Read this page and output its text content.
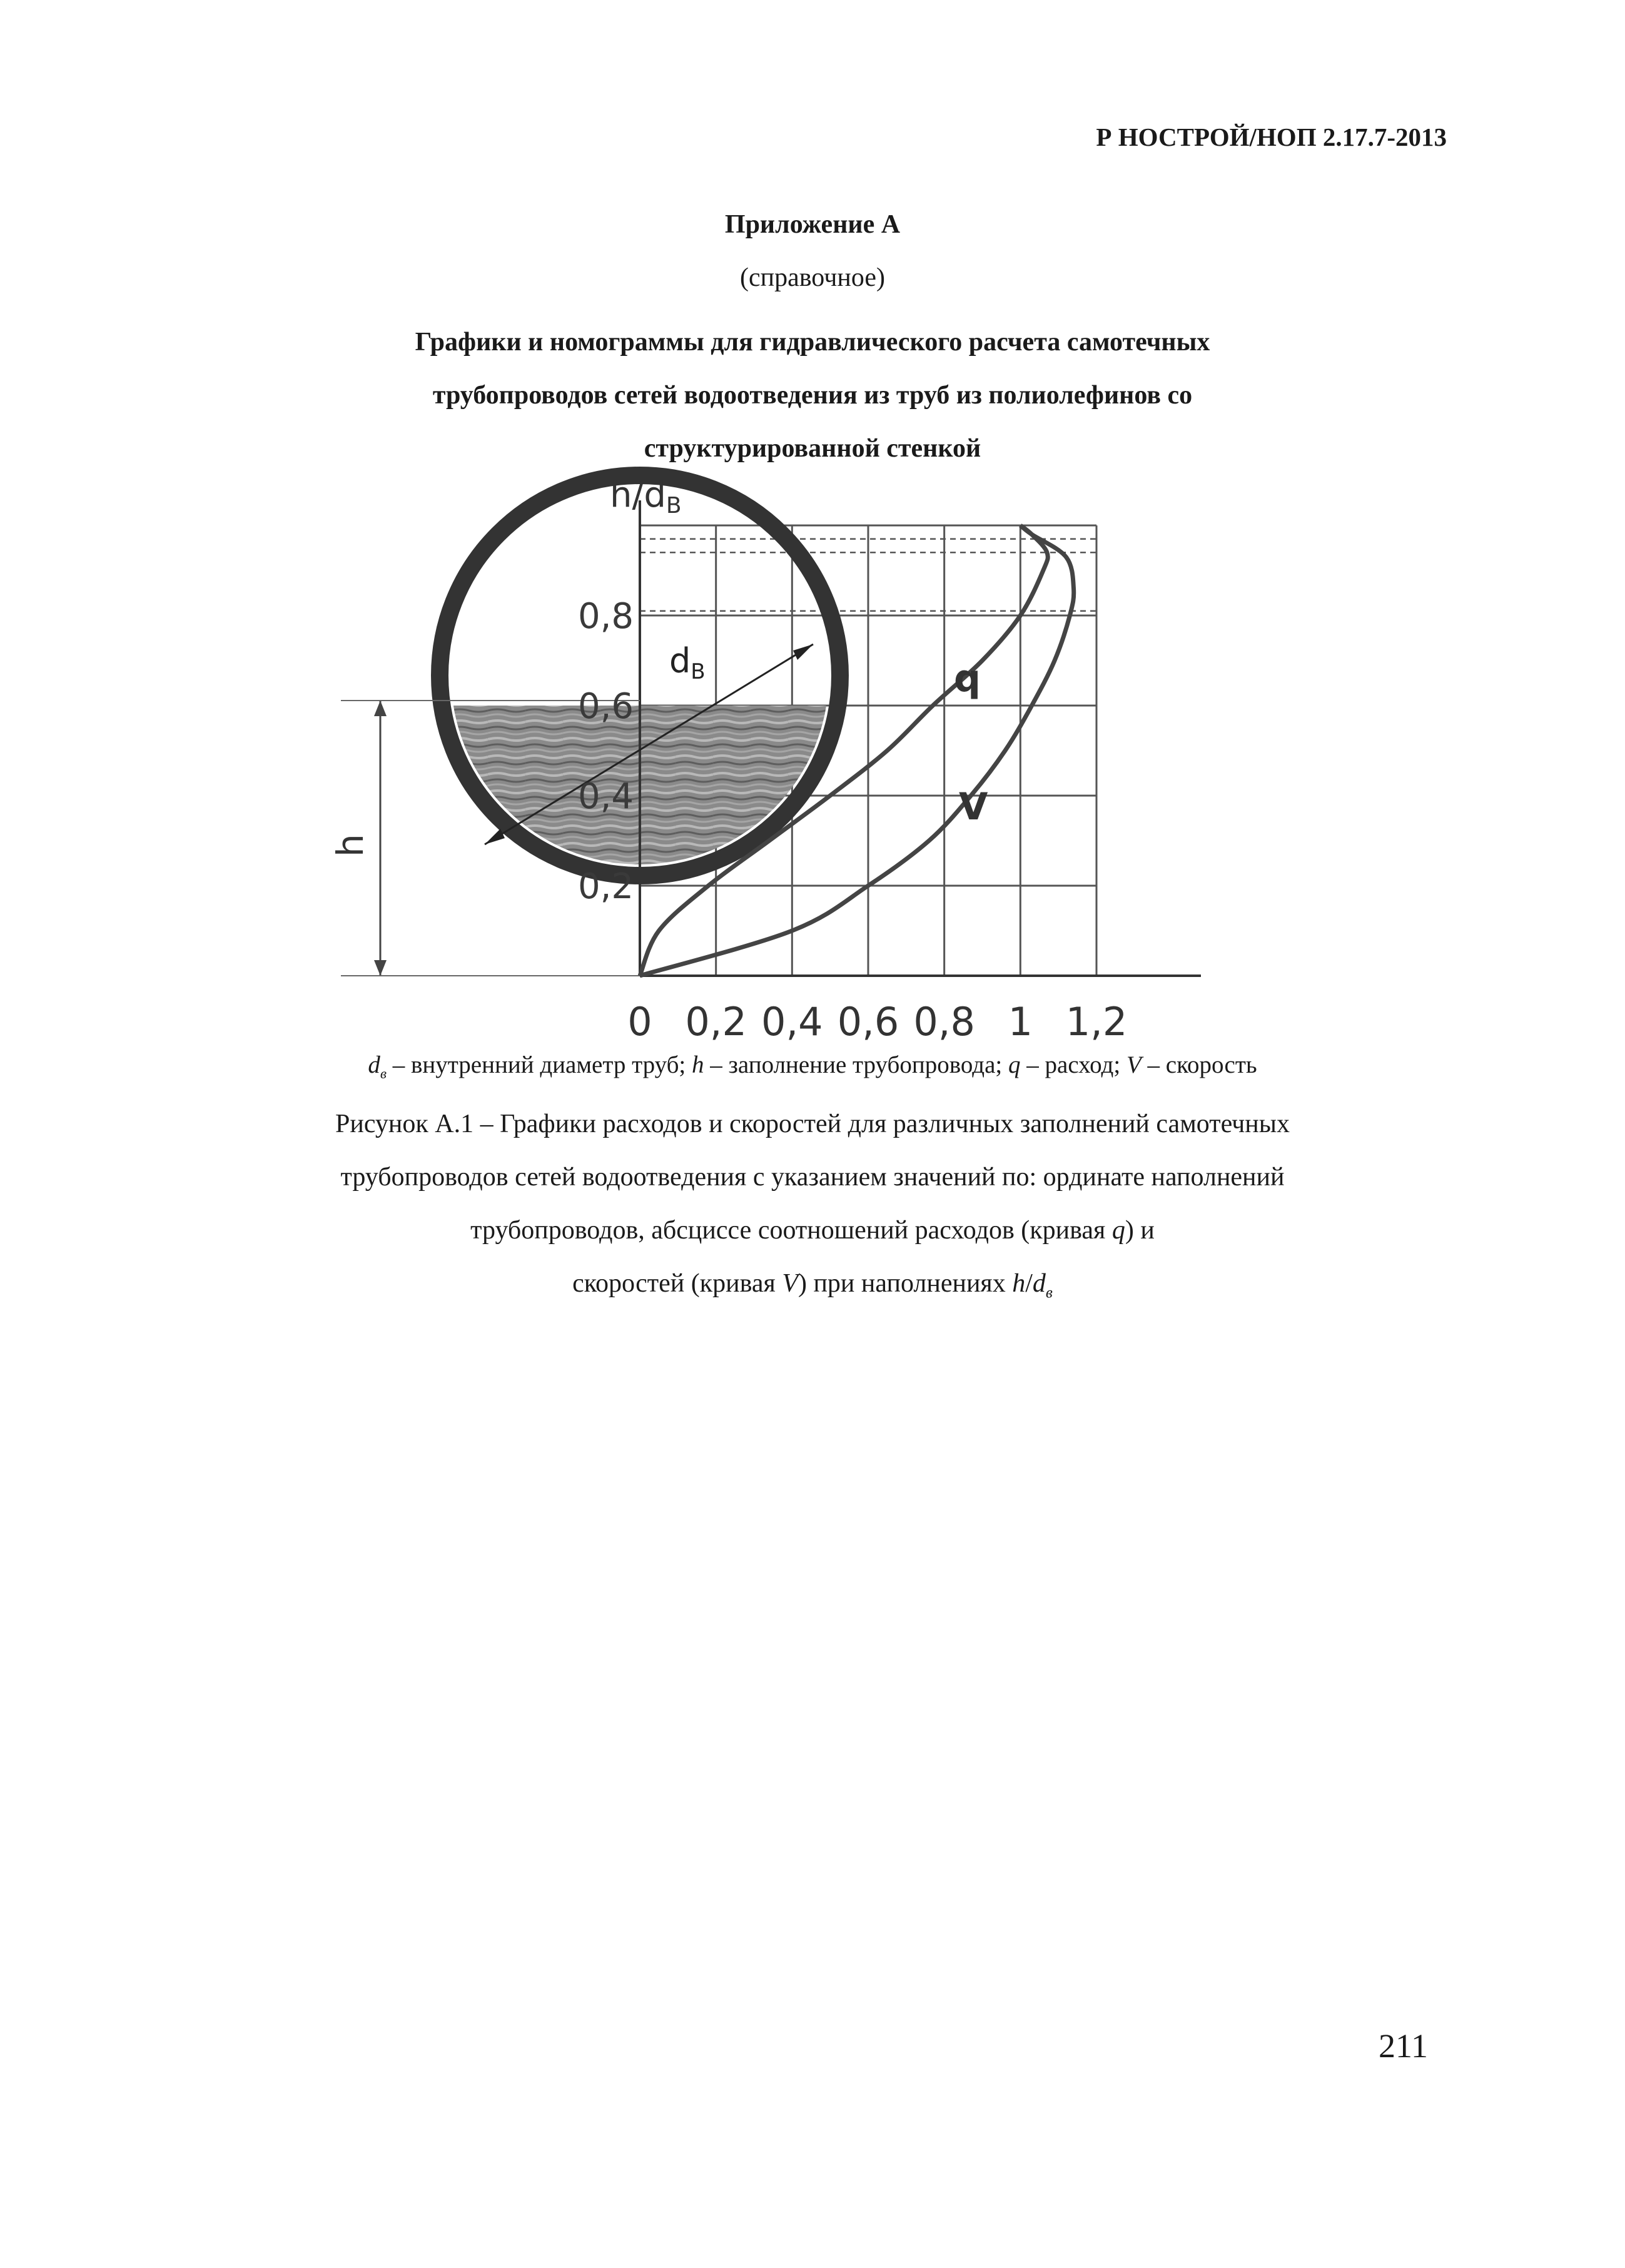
Р НОСТРОЙ/НОП 2.17.7-2013
Приложение А
(справочное)
Графики и номограммы для гидравлического расчета самотечных
трубопроводов сетей водоотведения из труб из полиолефинов со
структурированной стенкой
dВ
h/dВ
h
0,2
0,4
0,6
0,8
0 0,2 0,4 0,6 0,8 1 1,2
q
V
$d_в$ – внутренний диаметр труб; h – заполнение трубопровода; q – расход; V – скорость
Рисунок А.1 – Графики расходов и скоростей для различных заполнений самотечных
трубопроводов сетей водоотведения с указанием значений по: ординате наполнений
трубопроводов, абсциссе соотношений расходов (кривая q) и
скоростей (кривая V) при наполнениях $h/d_в$
211
